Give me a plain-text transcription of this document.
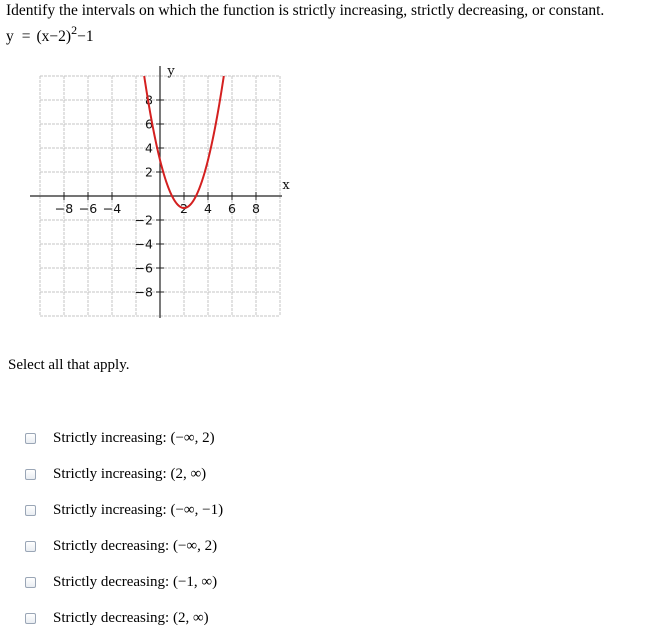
Identify the intervals on which the function is strictly increasing, strictly decreasing, or constant.
$y = (x-2)^2-1$
−8 −6 −4	2 4 6 8
8
6
4
2
−2
−4
−6
−8
x
y
Select all that apply.
Strictly increasing: (−∞, 2)
Strictly increasing: (2, ∞)
Strictly increasing: (−∞, −1)
Strictly decreasing: (−∞, 2)
Strictly decreasing: (−1, ∞)
Strictly decreasing: (2, ∞)
